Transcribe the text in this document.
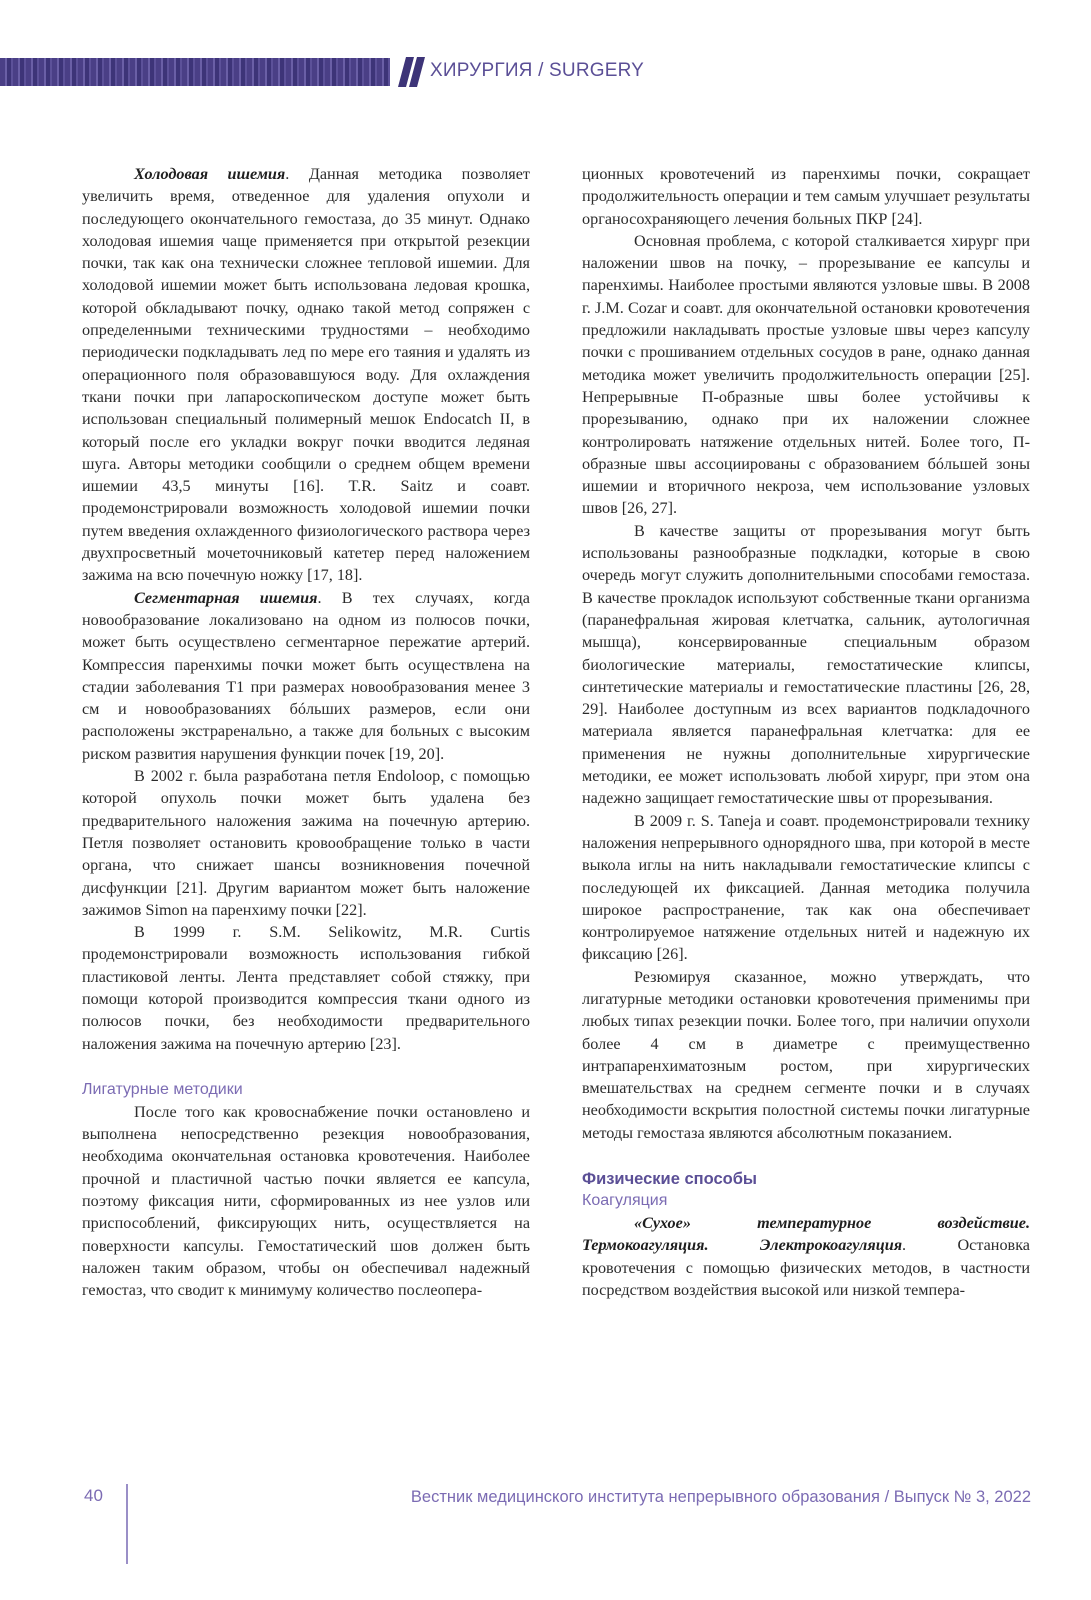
ХИРУРГИЯ / SURGERY

Холодовая ишемия. Данная методика позволяет увеличить время, отведенное для удаления опухоли и последующего окончательного гемостаза, до 35 минут. Однако холодовая ишемия чаще применяется при открытой резекции почки, так как она технически сложнее тепловой ишемии. Для холодовой ишемии может быть использована ледовая крошка, которой обкладывают почку, однако такой метод сопряжен с определенными техническими трудностями – необходимо периодически подкладывать лед по мере его таяния и удалять из операционного поля образовавшуюся воду. Для охлаждения ткани почки при лапароскопическом доступе может быть использован специальный полимерный мешок Endocatch II, в который после его укладки вокруг почки вводится ледяная шуга. Авторы методики сообщили о среднем общем времени ишемии 43,5 минуты [16]. T.R. Saitz и соавт. продемонстрировали возможность холодовой ишемии почки путем введения охлажденного физиологического раствора через двухпросветный мочеточниковый катетер перед наложением зажима на всю почечную ножку [17, 18].

Сегментарная ишемия. В тех случаях, когда новообразование локализовано на одном из полюсов почки, может быть осуществлено сегментарное пережатие артерий. Компрессия паренхимы почки может быть осуществлена на стадии заболевания T1 при размерах новообразования менее 3 см и новообразованиях бóльших размеров, если они расположены экстраренально, а также для больных с высоким риском развития нарушения функции почек [19, 20].

В 2002 г. была разработана петля Endoloop, с помощью которой опухоль почки может быть удалена без предварительного наложения зажима на почечную артерию. Петля позволяет остановить кровообращение только в части органа, что снижает шансы возникновения почечной дисфункции [21]. Другим вариантом может быть наложение зажимов Simon на паренхиму почки [22].

В 1999 г. S.M. Selikowitz, M.R. Curtis продемонстрировали возможность использования гибкой пластиковой ленты. Лента представляет собой стяжку, при помощи которой производится компрессия ткани одного из полюсов почки, без необходимости предварительного наложения зажима на почечную артерию [23].

Лигатурные методики

После того как кровоснабжение почки остановлено и выполнена непосредственно резекция новообразования, необходима окончательная остановка кровотечения. Наиболее прочной и пластичной частью почки является ее капсула, поэтому фиксация нити, сформированных из нее узлов или приспособлений, фиксирующих нить, осуществляется на поверхности капсулы. Гемостатический шов должен быть наложен таким образом, чтобы он обеспечивал надежный гемостаз, что сводит к минимуму количество послеопера-

ционных кровотечений из паренхимы почки, сокращает продолжительность операции и тем самым улучшает результаты органосохраняющего лечения больных ПКР [24].

Основная проблема, с которой сталкивается хирург при наложении швов на почку, – прорезывание ее капсулы и паренхимы. Наиболее простыми являются узловые швы. В 2008 г. J.M. Cozar и соавт. для окончательной остановки кровотечения предложили накладывать простые узловые швы через капсулу почки с прошиванием отдельных сосудов в ране, однако данная методика может увеличить продолжительность операции [25]. Непрерывные П-образные швы более устойчивы к прорезыванию, однако при их наложении сложнее контролировать натяжение отдельных нитей. Более того, П-образные швы ассоциированы с образованием бóльшей зоны ишемии и вторичного некроза, чем использование узловых швов [26, 27].

В качестве защиты от прорезывания могут быть использованы разнообразные подкладки, которые в свою очередь могут служить дополнительными способами гемостаза. В качестве прокладок используют собственные ткани организма (паранефральная жировая клетчатка, сальник, аутологичная мышца), консервированные специальным образом биологические материалы, гемостатические клипсы, синтетические материалы и гемостатические пластины [26, 28, 29]. Наиболее доступным из всех вариантов подкладочного материала является паранефральная клетчатка: для ее применения не нужны дополнительные хирургические методики, ее может использовать любой хирург, при этом она надежно защищает гемостатические швы от прорезывания.

В 2009 г. S. Taneja и соавт. продемонстрировали технику наложения непрерывного однорядного шва, при которой в месте выкола иглы на нить накладывали гемостатические клипсы с последующей их фиксацией. Данная методика получила широкое распространение, так как она обеспечивает контролируемое натяжение отдельных нитей и надежную их фиксацию [26].

Резюмируя сказанное, можно утверждать, что лигатурные методики остановки кровотечения применимы при любых типах резекции почки. Более того, при наличии опухоли более 4 см в диаметре с преимущественно интрапаренхиматозным ростом, при хирургических вмешательствах на среднем сегменте почки и в случаях необходимости вскрытия полостной системы почки лигатурные методы гемостаза являются абсолютным показанием.

Физические способы
Коагуляция

«Сухое» температурное воздействие. Термокоагуляция. Электрокоагуляция. Остановка кровотечения с помощью физических методов, в частности посредством воздействия высокой или низкой темпера-

40	Вестник медицинского института непрерывного образования / Выпуск № 3, 2022
